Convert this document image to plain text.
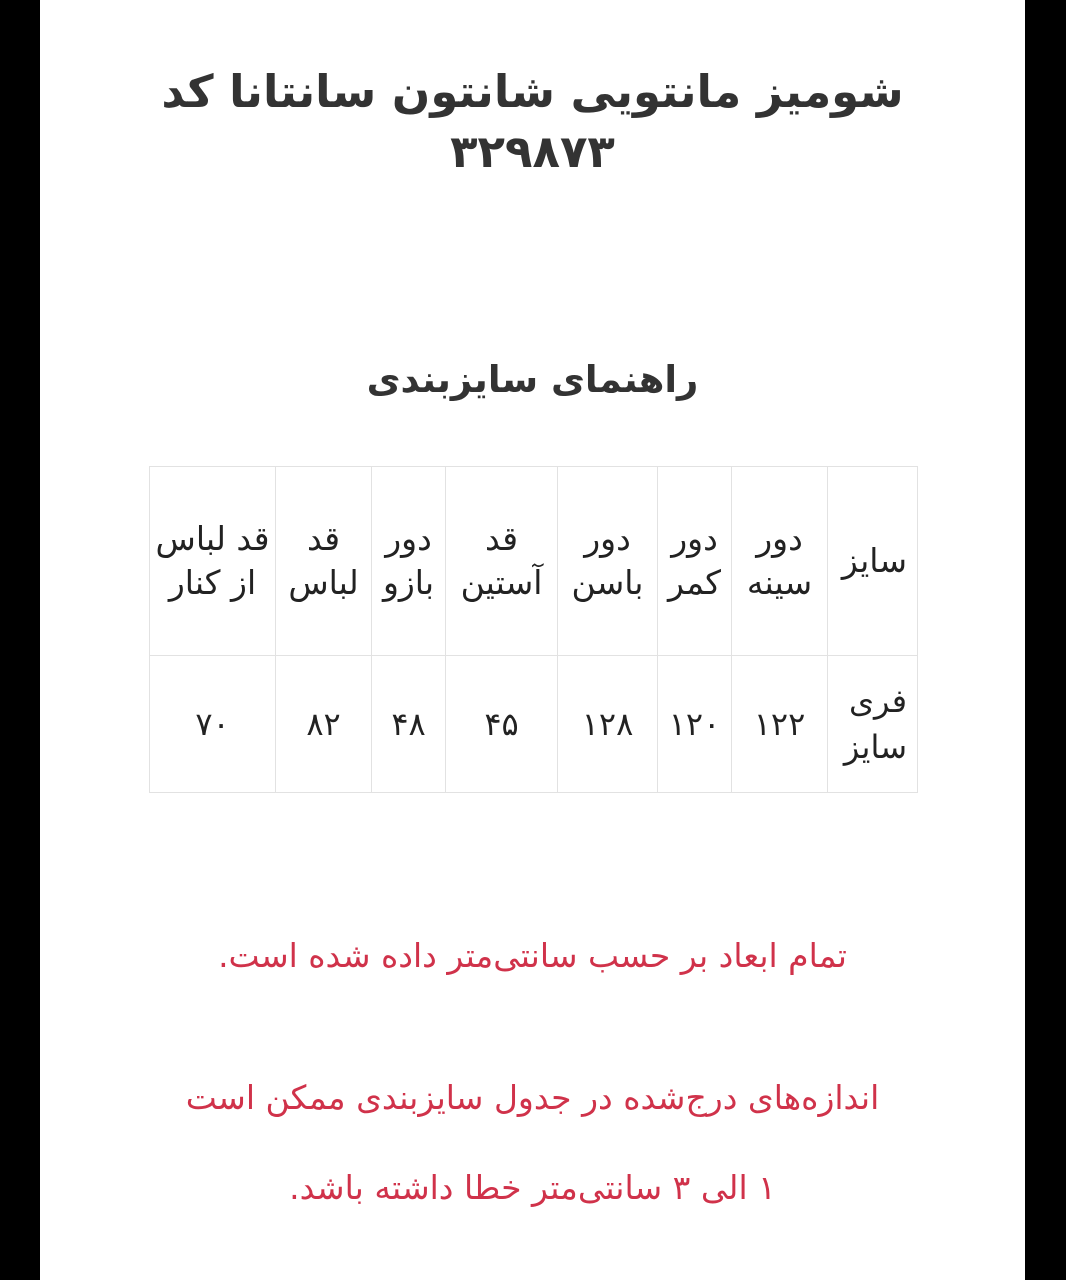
شومیز مانتویی شانتون سانتانا کد
۳۲۹۸۷۳
راهنمای سایزبندی
سایز	دور سینه	دور کمر	دور باسن	قد آستین	دور بازو	قد لباس	قد لباس از کنار
فری سایز	۱۲۲	۱۲۰	۱۲۸	۴۵	۴۸	۸۲	۷۰

تمام ابعاد بر حسب سانتی‌متر داده شده است.

اندازه‌های درج‌شده در جدول سایزبندی ممکن است

۱ الی ۳ سانتی‌متر خطا داشته باشد.
